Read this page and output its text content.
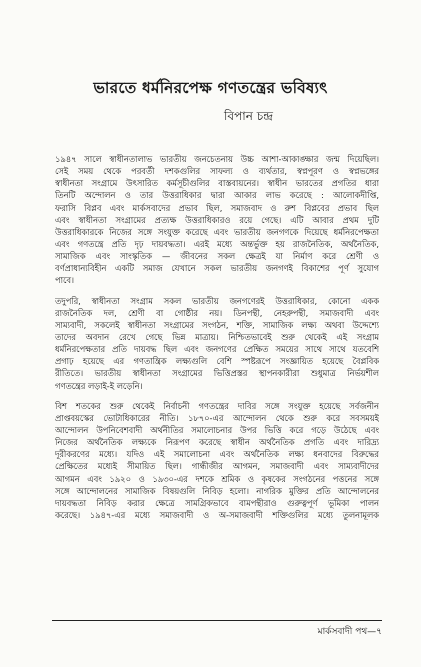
ভারতে ধর্মনিরপেক্ষ গণতন্ত্রের ভবিষ্যৎ
বিপান চন্দ্র
১৯৪৭ সালে স্বাধীনতালাভ ভারতীয় জনচেতনায় উচ্চ আশা-আকাঙ্ক্ষার জন্ম দিয়েছিল।
সেই সময় থেকে পরবর্তী দশকগুলির সাফল্য ও ব্যর্থতার, স্বপ্নপূরণ ও স্বপ্নভঙ্গের
স্বাধীনতা সংগ্রামে উৎসারিত কর্মসূচীগুলির বাস্তবায়নের। স্বাধীন ভারতের প্রগতির ধারা
তিনটি অন্দোলন ও তার উত্তরাধিকার দ্বারা আকার লাভ করেছে : আলোকদীপ্তি,
ফরাসি বিপ্লব এবং মার্কসবাদের প্রভাব ছিল, সমাজবাদ ও রুশ বিপ্লবের প্রভাব ছিল
এবং স্বাধীনতা সংগ্রামের প্রত্যক্ষ উত্তরাধিকারও রয়ে গেছে। এটি আবার প্রথম দুটি
উত্তরাধিকারকে নিজের সঙ্গে সংযুক্ত করেছে এবং ভারতীয় জনগণকে দিয়েছে ধর্মনিরপেক্ষতা
এবং গণতন্ত্রে প্রতি দৃঢ় দায়বদ্ধতা। এরই মধ্যে অন্তর্ভুক্ত হয় রাজনৈতিক, অর্থনৈতিক,
সামাজিক এবং সাংস্কৃতিক — জীবনের সকল ক্ষেত্রই যা নির্মাণ করে শ্রেণী ও
বর্ণপ্রাধান্যবিহীন একটি সমাজ যেখানে সকল ভারতীয় জনগণই বিকাশের পূর্ণ সুযোগ
পাবে।
তদুপরি, স্বাধীনতা সংগ্রাম সকল ভারতীয় জনগণেরই উত্তরাধিকার, কোনো একক
রাজনৈতিক দল, শ্রেণী বা গোষ্ঠীর নয়। ডিনপন্থী, নেহরুপন্থী, সমাজবাদী এবং
সাম্যবাদী, সকলেই স্বাধীনতা সংগ্রামের সংগঠন, শক্তি, সামাজিক লক্ষ্য অথবা উদ্দেশ্যে
তাদের অবদান রেখে গেছে ভিন্ন মাত্রায়। নিশ্চিতভাবেই শুরু থেকেই এই সংগ্রাম
ধর্মনিরপেক্ষতার প্রতি দায়বদ্ধ ছিল এবং জনগণের প্রেক্ষিত সময়ের সাথে সাথে যতবেশি
প্রগাঢ় হয়েছে এর গণতান্ত্রিক লক্ষ্যগুলি বেশি স্পষ্টরূপে সংজ্ঞায়িত হয়েছে বৈপ্লবিক
রীতিতে। ভারতীয় স্বাধীনতা সংগ্রামের ভিত্তিপ্রস্তর স্থাপনকারীরা শুধুমাত্র নির্ভয়শীল
গণতন্ত্রের লড়াই-ই লড়েনি।
বিশ শতকের শুরু থেকেই নির্বাচনী গণতন্ত্রের দাবির সঙ্গে সংযুক্ত হয়েছে সর্বজনীন
প্রাপ্তবয়স্কের ভোটাধিকারের নীতি। ১৮৭০-এর আন্দোলন থেকে শুরু করে সবসময়ই
আন্দোলন উপনিবেশবাদী অর্থনীতির সমালোচনার উপর ভিত্তি করে গড়ে উঠেছে এবং
নিজের অর্থনৈতিক লক্ষ্যকে নিরূপণ করেছে স্বাধীন অর্থনৈতিক প্রগতি এবং দারিদ্র্য
দূরীকরণের মধ্যে। যদিও এই সমালোচনা এবং অর্থনৈতিক লক্ষ্য ধনবাদের বিরুদ্ধের
প্রেক্ষিতের মধ্যেই সীমায়িত ছিল। গান্ধীজীর আগমন, সমাজবাদী এবং সাম্যবাদীদের
আগমন এবং ১৯২০ ও ১৯৩০-এর দশকে শ্রমিক ও কৃষকের সংগঠনের পত্তনের সঙ্গে
সঙ্গে আন্দোলনের সামাজিক বিষয়গুলি নিবিড় হলো। নাগরিক মুক্তির প্রতি আন্দোলনের
দায়বদ্ধতা নিবিড় করার ক্ষেত্রে সামগ্রিকভাবে বামপন্থীরাও গুরুত্বপূর্ণ ভূমিকা পালন
করেছে। ১৯৪৭-এর মধ্যে সমাজবাদী ও অ-সমাজবাদী শক্তিগুলির মধ্যে তুলনামূলক
মার্কসবাদী পথ—৭
